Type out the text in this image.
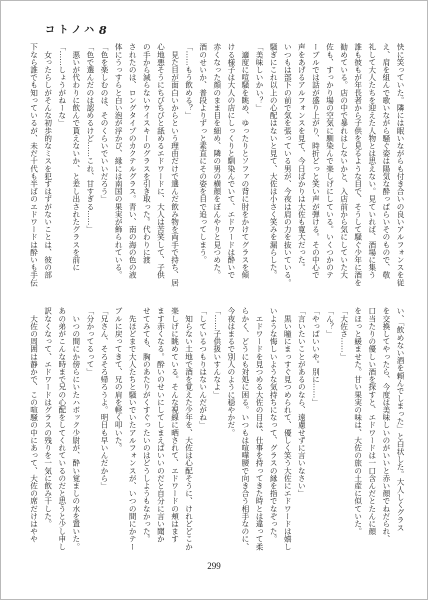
コトノハ 8
快に笑っていた。隣には眠いながらも付き合いの良いアルフォンスを従
え、肩を組んで歌いながら騒ぐ姿は陽気な酔っぱらいそのもので、敬
礼して大人たちを迎えた人物とは思えない。見ていれば、酒場に集う
誰も彼もが年長者から子供を見るような目で、そうして騒ぐ少年に酒を
勧めている。店の中で暴れはしないかと、入店前から気にしていた大
佐も、すっかり場の空気に馴染んで楽しげにしている。いくつかのテ
ーブルでは話が盛り上がり、時折どっと笑い声が弾ける。その中心で
声をあげるアルフォンスを見て、今日ばかりは大佐も寛大だった。
いつもは部下の前で気を張っている男が、今夜は肩の力を抜いている。
騒ぎにこれ以上の心配はないと見て、大佐は小さく笑みを漏らした。
「美味しいかい？」
　適度に喧騒を眺め、ゆったりとソファの背に肘をかけてグラスを傾
ける様子は大人の店にしっくりと馴染んでいて、エドワードは酔いで
赤くなった顔のまま目を細め、隣の男の横顔をぼんやりと見つめた。
酒のせいか、普段よりずっと素直にその姿を目で追ってしまう。
「……もう飲める？」
　見た目が面白いからという理由だけで選んだ飲み物を両手で持ち、居
心地悪そうにちびちびと舐めるエドワードに、大人は苦笑して、子供
の手から減らないウイスキーのグラスを引き取った。代わりに渡
されたのは、ロングタイプのカクテルグラス。青い、南の海の色の液
体にうっすらと白い泡が浮かび、縁には南国の果実が飾られている。
「色を楽しむのは、そのくらいでいいだろう」
「色で選んだのは認めるけど……これ、甘すぎる……」
　悪いが代わりに飲んで貰えないか、と差し出されたグラスを前に
「……しょうがねーな」
　女ったらしがそんな初歩的なミスを犯すはずがないことは、彼の部
下なら誰でも知っているが、未だ十代も半ばのエドワードは酔いも手伝
い、「飲めない酒を頼んでしまった」と白状した。大人しくグラス
を交換してやったら、今度は美味しいのがいいと赤い顔でねだられ、
口当たりの優しい酒を探すと、エドワードは一口含んだとたんに顔
をほっと緩ませた。甘い果実の味は、大佐の旅の土産に似ていた。
「大佐さ……」
「ん？」
「やっぱいいや。別に……」
「言いたいことがあるのなら、遠慮せずに言いなさい」
　黒い瞳にまっすぐ見つめられて、優しく笑う大佐にエドワードは嬉し
いような悔しいような気持ちになって、グラスの縁を指でなぞった。
　エドワードを見つめる大佐の目は、仕事を持ってきた時とは違って柔
らかく、どうにも対処に困る。いつもは喧嘩腰で向き合う相手なのに、
今夜はまるで別人のように穏やかだ。
「……子供扱いすんなよ」
「しているつもりはないんだがね」
　知らない土地で酒を覚えた少年を、大佐は心配そうに、けれどどこか
楽しげに眺めている。そんな視線に晒されて、エドワードの頬はます
ます赤くなる。酔いのせいにしてしまえばいいのだと自分に言い聞か
せてみても、胸のあたりがくすぐったいのはどうしようもなかった。
　先ほどまで大人たちと騒いでいたアルフォンスが、いつの間にかテー
ブルに戻ってきて、兄の肩を軽く叩いた。
「兄さん、そろそろ帰ろうよ。明日も早いんだから」
「分かってるって」
　いつの間にか傍らにいたハボック少尉が、酔い覚ましの水を置いた。
あの弟がこんな時まで兄の心配をしてくれているのだと思うと少し申し
訳なくなって、エドワードはグラスの残りを一気に飲み干した。
　大佐の周囲は静かで、この喧騒の中にあって、大佐の席だけはやや
299
